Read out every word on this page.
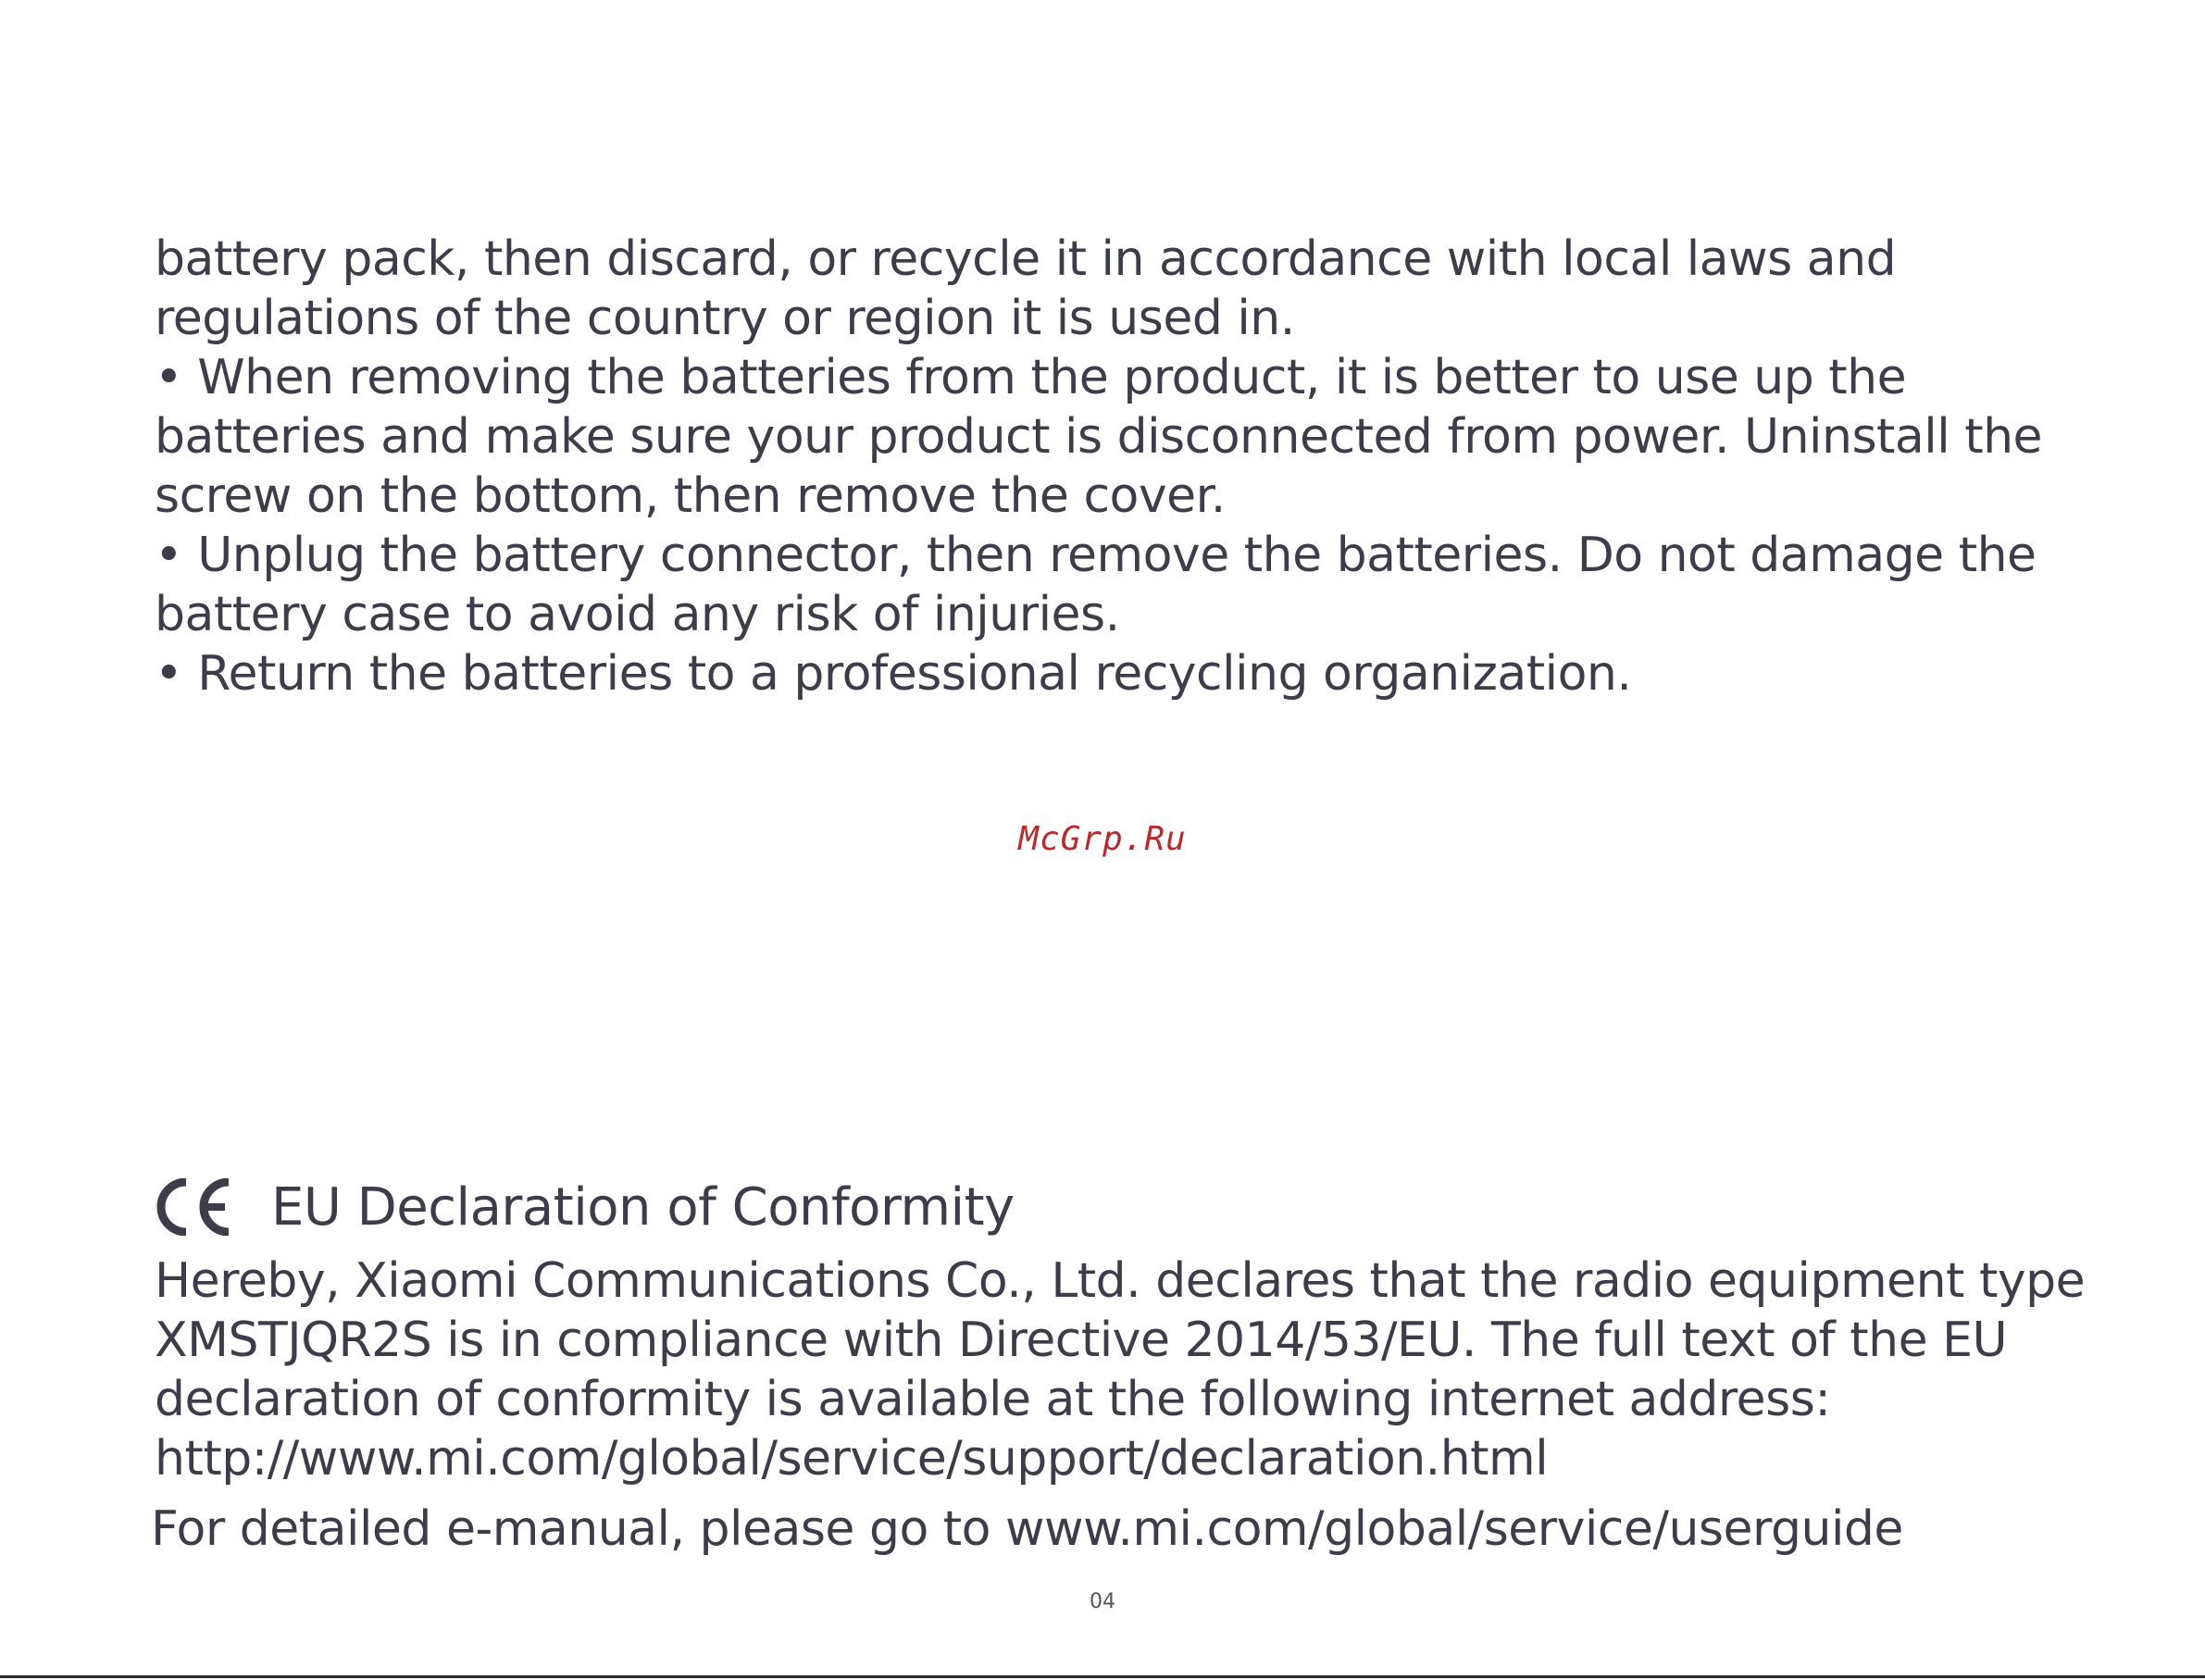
battery pack, then discard, or recycle it in accordance with local laws and
regulations of the country or region it is used in.
• When removing the batteries from the product, it is better to use up the
batteries and make sure your product is disconnected from power. Uninstall the
screw on the bottom, then remove the cover.
• Unplug the battery connector, then remove the batteries. Do not damage the
battery case to avoid any risk of injuries.
• Return the batteries to a professional recycling organization.
McGrp.Ru
EU Declaration of Conformity
Hereby, Xiaomi Communications Co., Ltd. declares that the radio equipment type
XMSTJQR2S is in compliance with Directive 2014/53/EU. The full text of the EU
declaration of conformity is available at the following internet address:
http://www.mi.com/global/service/support/declaration.html
For detailed e-manual, please go to www.mi.com/global/service/userguide
04
